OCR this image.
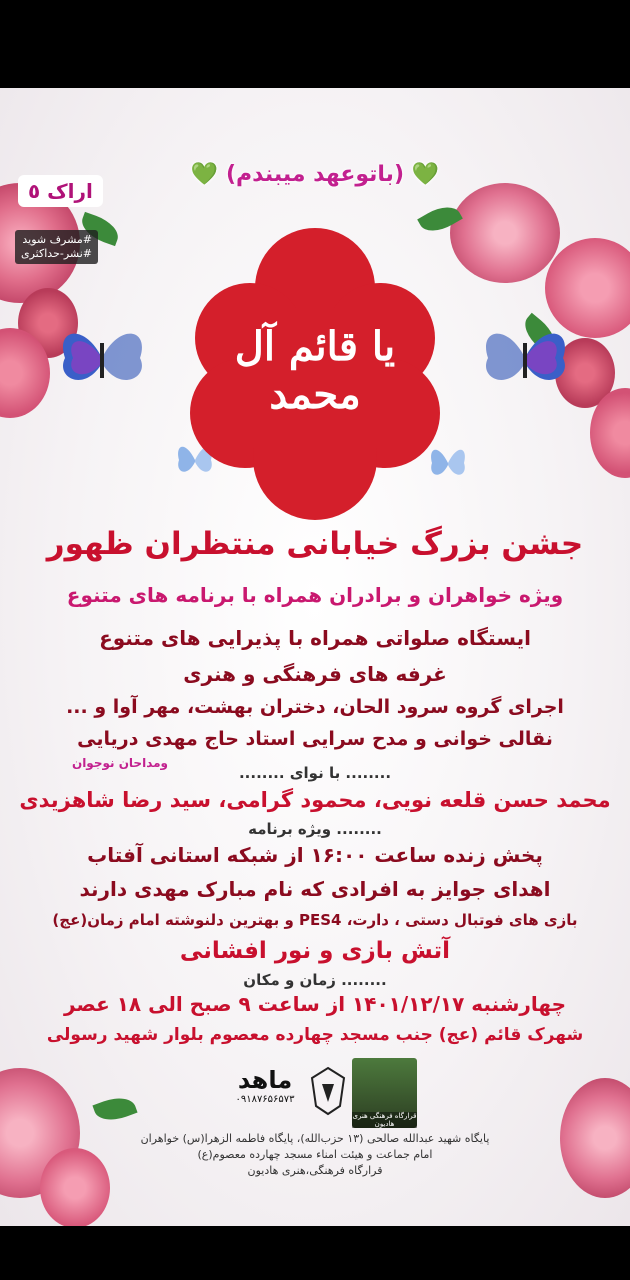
یا قائم آل محمد
جشن بزرگ خیابانی منتظران ظهور
ویژه خواهران و برادران همراه با برنامه های متنوع
ایستگاه صلواتی همراه با پذیرایی های متنوع
غرفه های فرهنگی و هنری
اجرای گروه سرود الحان، دختران بهشت، مهر آوا و ...
نقالی خوانی و مدح سرایی استاد حاج مهدی دریایی
ومداحان نوجوان
........ با نوای ........
محمد حسن قلعه نویی، محمود گرامی، سید رضا شاهزیدی
........ ویژه برنامه
پخش زنده ساعت ۱۶:۰۰ از شبکه استانی آفتاب
اهدای جوایز به افرادی که نام مبارک مهدی دارند
بازی های فوتبال دستی ، دارت، PES4 و بهترین دلنوشته امام زمان(عج)
آتش بازی و نور افشانی
........ زمان و مکان
چهارشنبه ۱۴۰۱/۱۲/۱۷ از ساعت ۹ صبح الی ۱۸ عصر
شهرک قائم (عج) جنب مسجد چهارده معصوم بلوار شهید رسولی
ماهد
۰۹۱۸۷۶۵۶۵۷۳
قرارگاه فرهنگی هنری هادیون
پایگاه شهید عبدالله صالحی (۱۳ حزب‌الله)، پایگاه فاطمه الزهرا(س) خواهران
امام جماعت و هیئت امناء مسجد چهارده معصوم(ع)
قرارگاه فرهنگی،هنری هادیون
💚 (باتوعهد میبندم) 💚
اراک ٥
#مشرف شوید
#نشر-حداکثری
